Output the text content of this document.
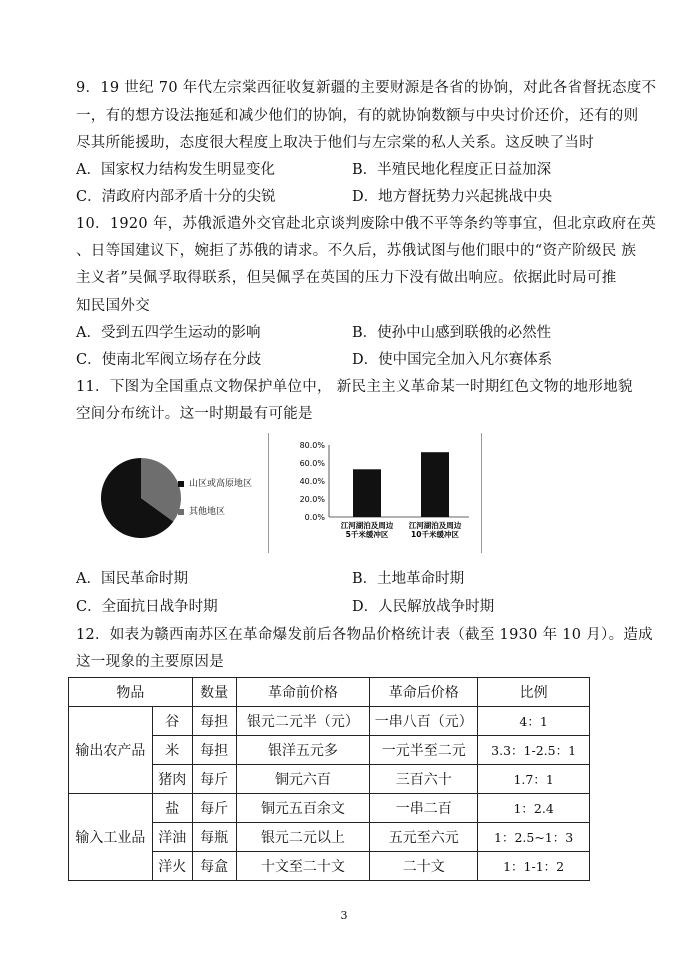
9．19 世纪 70 年代左宗棠西征收复新疆的主要财源是各省的协饷，对此各省督抚态度不
一，有的想方设法拖延和减少他们的协饷，有的就协饷数额与中央讨价还价，还有的则
尽其所能援助，态度很大程度上取决于他们与左宗棠的私人关系。这反映了当时
A．国家权力结构发生明显变化	B．半殖民地化程度正日益加深
C．清政府内部矛盾十分的尖锐	D．地方督抚势力兴起挑战中央
10．1920 年，苏俄派遣外交官赴北京谈判废除中俄不平等条约等事宜，但北京政府在英
、日等国建议下，婉拒了苏俄的请求。不久后，苏俄试图与他们眼中的“资产阶级民 族
主义者”吴佩孚取得联系，但吴佩孚在英国的压力下没有做出响应。依据此时局可推
知民国外交
A．受到五四学生运动的影响	B．使孙中山感到联俄的必然性
C．使南北军阀立场存在分歧	D．使中国完全加入凡尔赛体系
11．下图为全国重点文物保护单位中， 新民主主义革命某一时期红色文物的地形地貌
空间分布统计。这一时期最有可能是
山区或高原地区
其他地区
0.0%
20.0%
40.0%
60.0%
80.0%
江河湖泊及周边
5千米缓冲区
江河湖泊及周边
10千米缓冲区
A．国民革命时期	B．土地革命时期
C．全面抗日战争时期	D．人民解放战争时期
12．如表为赣西南苏区在革命爆发前后各物品价格统计表（截至 1930 年 10 月）。造成
这一现象的主要原因是
物品		数量	革命前价格	革命后价格	比例
输出农产品	谷	每担	银元二元半（元）	一串八百（元）	4：1
	米	每担	银洋五元多	一元半至二元	3.3：1-2.5：1
	猪肉	每斤	铜元六百	三百六十	1.7：1
输入工业品	盐	每斤	铜元五百余文	一串二百	1：2.4
	洋油	每瓶	银元二元以上	五元至六元	1：2.5~1：3
	洋火	每盒	十文至二十文	二十文	1：1-1：2
3
